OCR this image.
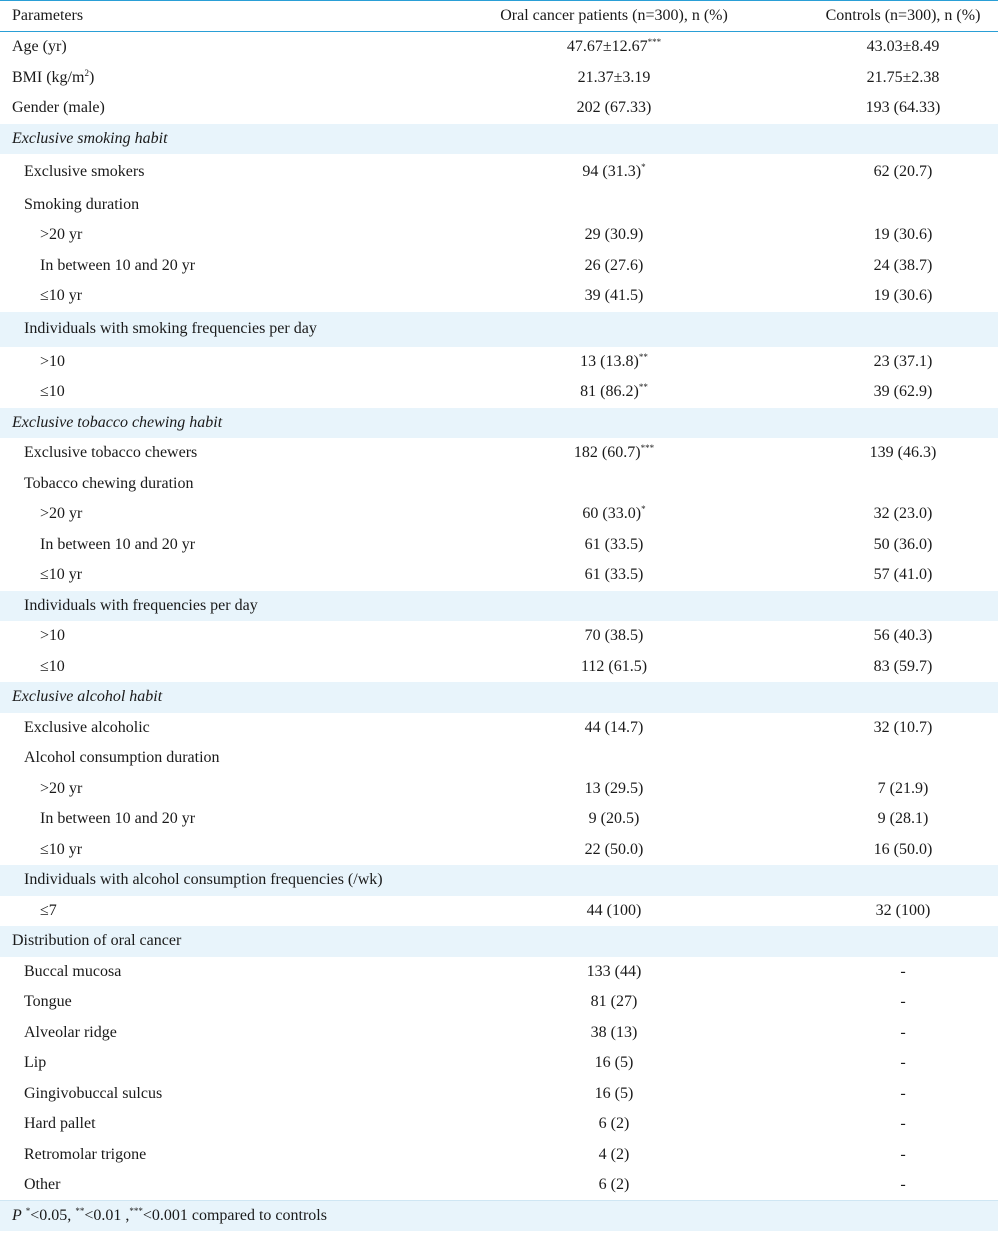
Parameters	Oral cancer patients (n=300), n (%)	Controls (n=300), n (%)
Age (yr)	47.67±12.67***	43.03±8.49
BMI $(kg/m^2)$	21.37±3.19	21.75±2.38
Gender (male)	202 (67.33)	193 (64.33)
Exclusive smoking habit		
Exclusive smokers	94 (31.3)*	62 (20.7)
Smoking duration		
>20 yr	29 (30.9)	19 (30.6)
In between 10 and 20 yr	26 (27.6)	24 (38.7)
≤10 yr	39 (41.5)	19 (30.6)
Individuals with smoking frequencies per day		
>10	13 (13.8)**	23 (37.1)
≤10	81 (86.2)**	39 (62.9)
Exclusive tobacco chewing habit		
Exclusive tobacco chewers	182 (60.7)***	139 (46.3)
Tobacco chewing duration		
>20 yr	60 (33.0)*	32 (23.0)
In between 10 and 20 yr	61 (33.5)	50 (36.0)
≤10 yr	61 (33.5)	57 (41.0)
Individuals with frequencies per day		
>10	70 (38.5)	56 (40.3)
≤10	112 (61.5)	83 (59.7)
Exclusive alcohol habit		
Exclusive alcoholic	44 (14.7)	32 (10.7)
Alcohol consumption duration		
>20 yr	13 (29.5)	7 (21.9)
In between 10 and 20 yr	9 (20.5)	9 (28.1)
≤10 yr	22 (50.0)	16 (50.0)
Individuals with alcohol consumption frequencies (/wk)		
≤7	44 (100)	32 (100)
Distribution of oral cancer		
Buccal mucosa	133 (44)	-
Tongue	81 (27)	-
Alveolar ridge	38 (13)	-
Lip	16 (5)	-
Gingivobuccal sulcus	16 (5)	-
Hard pallet	6 (2)	-
Retromolar trigone	4 (2)	-
Other	6 (2)	-
P *<0.05, **<0.01 ,***<0.001 compared to controls		
